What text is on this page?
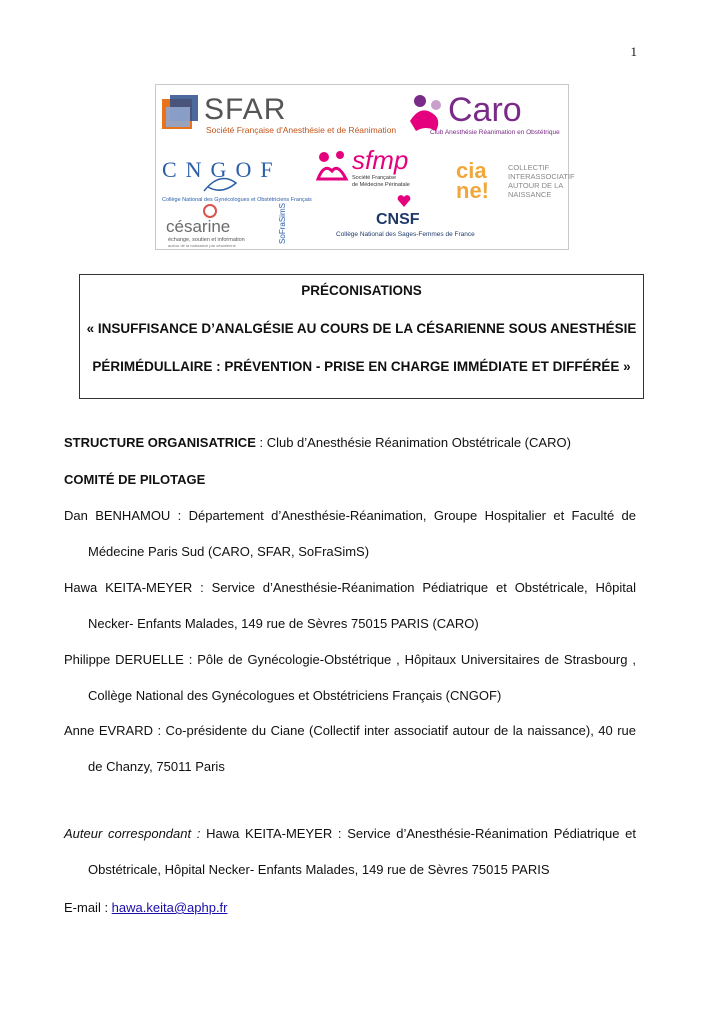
1
SFAR
Société Française d'Anesthésie et de Réanimation
Caro
Club Anesthésie Réanimation en Obstétrique
CNGOF
Collège National des Gynécologues et Obstétriciens Français
sfmp
Société Française
de Médecine Périnatale
cia
ne!
COLLECTIF
INTERASSOCIATIF
AUTOUR DE LA
NAISSANCE
césarine
échange, soutien et information
autour de la naissance par césarienne
SoFraSimS	CNSF
Collège National des Sages-Femmes de France
PRÉCONISATIONS
« INSUFFISANCE D’ANALGÉSIE AU COURS DE LA CÉSARIENNE SOUS ANESTHÉSIE
PÉRIMÉDULLAIRE : PRÉVENTION - PRISE EN CHARGE IMMÉDIATE ET DIFFÉRÉE »
STRUCTURE ORGANISATRICE : Club d’Anesthésie Réanimation Obstétricale (CARO)
COMITÉ DE PILOTAGE
Dan BENHAMOU : Département d’Anesthésie-Réanimation, Groupe Hospitalier et Faculté de
Médecine Paris Sud (CARO, SFAR, SoFraSimS)
Hawa KEITA-MEYER : Service d’Anesthésie-Réanimation Pédiatrique et Obstétricale, Hôpital
Necker- Enfants Malades, 149 rue de Sèvres 75015 PARIS (CARO)
Philippe DERUELLE : Pôle de Gynécologie-Obstétrique , Hôpitaux Universitaires de Strasbourg ,
Collège National des Gynécologues et Obstétriciens Français (CNGOF)
Anne EVRARD : Co-présidente du Ciane (Collectif inter associatif autour de la naissance), 40 rue
de Chanzy, 75011 Paris
Auteur correspondant : Hawa KEITA-MEYER : Service d’Anesthésie-Réanimation Pédiatrique et
Obstétricale, Hôpital Necker- Enfants Malades, 149 rue de Sèvres 75015 PARIS
E-mail : hawa.keita@aphp.fr
